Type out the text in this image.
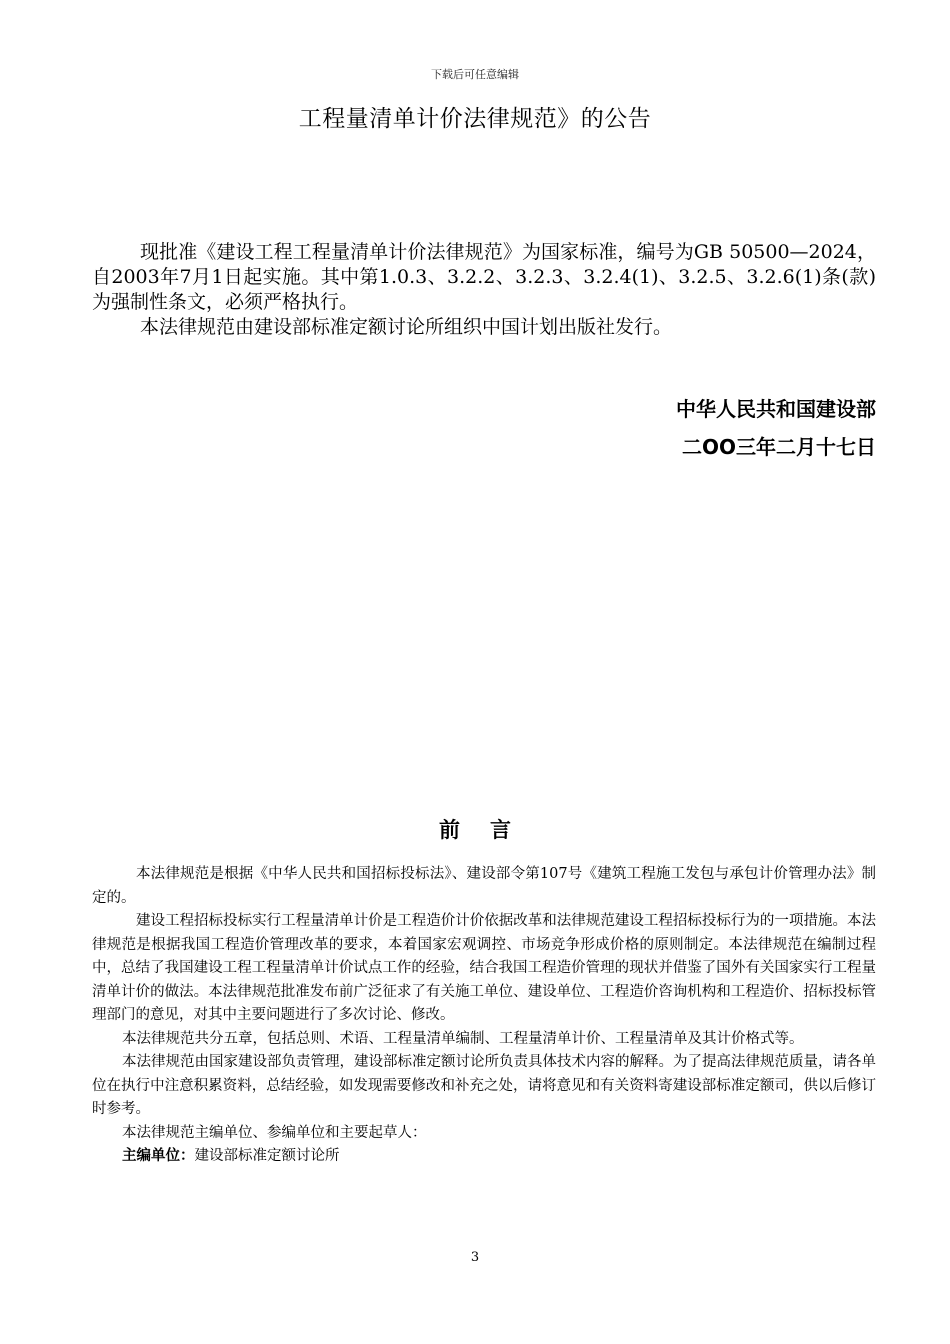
下载后可任意编辑
工程量清单计价法律规范》的公告

现批准《建设工程工程量清单计价法律规范》为国家标准，编号为GB 50500—2024，自2003年7月1日起实施。其中第1.0.3、3.2.2、3.2.3、3.2.4(1)、3.2.5、3.2.6(1)条(款)为强制性条文，必须严格执行。

本法律规范由建设部标准定额讨论所组织中国计划出版社发行。

中华人民共和国建设部
二OO三年二月十七日
前言

本法律规范是根据《中华人民共和国招标投标法》、建设部令第107号《建筑工程施工发包与承包计价管理办法》制定的。

建设工程招标投标实行工程量清单计价是工程造价计价依据改革和法律规范建设工程招标投标行为的一项措施。本法律规范是根据我国工程造价管理改革的要求，本着国家宏观调控、市场竞争形成价格的原则制定。本法律规范在编制过程中，总结了我国建设工程工程量清单计价试点工作的经验，结合我国工程造价管理的现状并借鉴了国外有关国家实行工程量清单计价的做法。本法律规范批准发布前广泛征求了有关施工单位、建设单位、工程造价咨询机构和工程造价、招标投标管理部门的意见，对其中主要问题进行了多次讨论、修改。

本法律规范共分五章，包括总则、术语、工程量清单编制、工程量清单计价、工程量清单及其计价格式等。

本法律规范由国家建设部负责管理，建设部标准定额讨论所负责具体技术内容的解释。为了提高法律规范质量，请各单位在执行中注意积累资料，总结经验，如发现需要修改和补充之处，请将意见和有关资料寄建设部标准定额司，供以后修订时参考。

本法律规范主编单位、参编单位和主要起草人：

主编单位：建设部标准定额讨论所

3
